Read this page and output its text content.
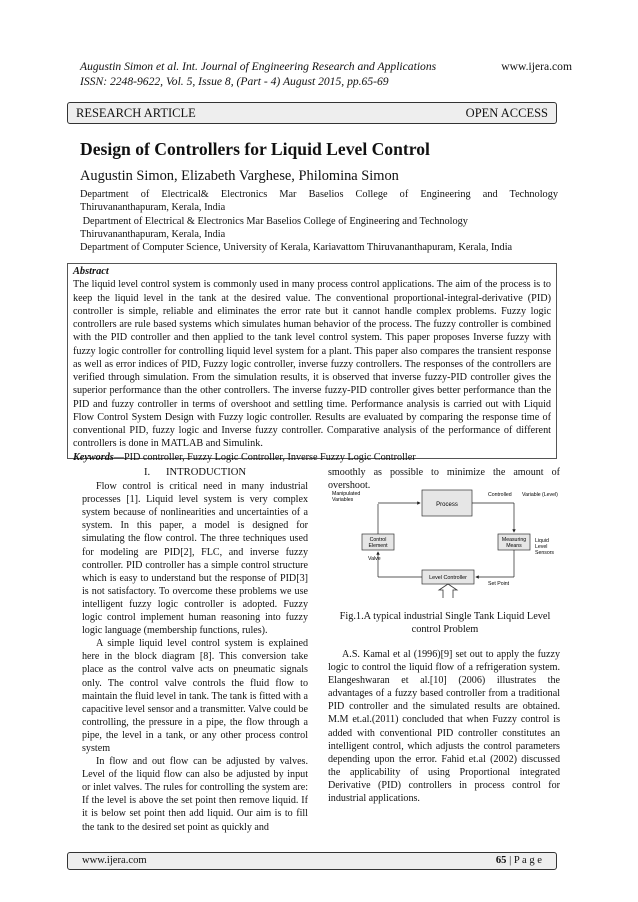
Augustin Simon et al. Int. Journal of Engineering Research and Applications
ISSN: 2248-9622, Vol. 5, Issue 8, (Part - 4) August 2015, pp.65-69
www.ijera.com
RESEARCH ARTICLE	OPEN ACCESS
Design of Controllers for Liquid Level Control
Augustin Simon, Elizabeth Varghese, Philomina Simon

Department of Electrical& Electronics Mar Baselios College of Engineering and Technology

Thiruvananthapuram, Kerala, India

Department of Electrical & Electronics Mar Baselios College of Engineering and Technology

Thiruvananthapuram, Kerala, India

Department of Computer Science, University of Kerala, Kariavattom Thiruvananthapuram, Kerala, India

Abstract
The liquid level control system is commonly used in many process control applications. The aim of the process is to keep the liquid level in the tank at the desired value. The conventional proportional-integral-derivative (PID) controller is simple, reliable and eliminates the error rate but it cannot handle complex problems. Fuzzy logic controllers are rule based systems which simulates human behavior of the process. The fuzzy controller is combined with the PID controller and then applied to the tank level control system. This paper proposes Inverse fuzzy with fuzzy logic controller for controlling liquid level system for a plant. This paper also compares the transient response as well as error indices of PID, Fuzzy logic controller, inverse fuzzy controllers. The responses of the controllers are verified through simulation. From the simulation results, it is observed that inverse fuzzy-PID controller gives the superior performance than the other controllers. The inverse fuzzy-PID controller gives better performance than the PID and fuzzy controller in terms of overshoot and settling time. Performance analysis is carried out with Liquid Flow Control System Design with Fuzzy logic controller. Results are evaluated by comparing the response time of conventional PID, fuzzy logic and Inverse fuzzy controller. Comparative analysis of the performance of different controllers is done in MATLAB and Simulink.
Keywords—PID controller, Fuzzy Logic Controller, Inverse Fuzzy Logic Controller
I.      INTRODUCTION

Flow control is critical need in many industrial processes [1]. Liquid level system is very complex system because of nonlinearities and uncertainties of a system. In this paper, a model is designed for simulating the flow control. The three techniques used for modeling are PID[2], FLC, and inverse fuzzy controller. PID controller has a simple control structure which is easy to understand but the response of PID[3] is not satisfactory. To overcome these problems we use intelligent fuzzy logic controller is adopted. Fuzzy logic control implement human reasoning into fuzzy logic language (membership functions, rules).

A simple liquid level control system is explained here in the block diagram [8]. This conversion take place as the control valve acts on pneumatic signals only. The control valve controls the fluid flow to maintain the fluid level in tank. The tank is fitted with a capacitive level sensor and a transmitter. Valve could be controlling, the pressure in a pipe, the flow through a pipe, the level in a tank, or any other process control system

In flow and out flow can be adjusted by valves. Level of the liquid flow can also be adjusted by input or inlet valves. The rules for controlling the system are: If the level is above the set point then remove liquid. If it is below set point then add liquid. Our aim is to fill the tank to the desired set point as quickly and

smoothly as possible to minimize the amount of overshoot.

Process
Control
Element
Measuring
Means
Level Controller
Manipulated
Variables
Controlled Variable (Level)
Valve
Liquid
Level
Sensors
Set Point
Fig.1.A typical industrial Single Tank Liquid Level control Problem

A.S. Kamal et al (1996)[9] set out to apply the fuzzy logic to control the liquid flow of a refrigeration system. Elangeshwaran et al.[10] (2006) illustrates the advantages of a fuzzy based controller from a traditional PID controller and the simulated results are obtained. M.M et.al.(2011) concluded that when Fuzzy control is added with conventional PID controller constitutes an intelligent control, which adjusts the control parameters depending upon the error. Fahid et.al (2002) discussed the applicability of using Proportional integrated Derivative (PID) controllers in process control for industrial applications.

www.ijera.com	65 | P a g e
